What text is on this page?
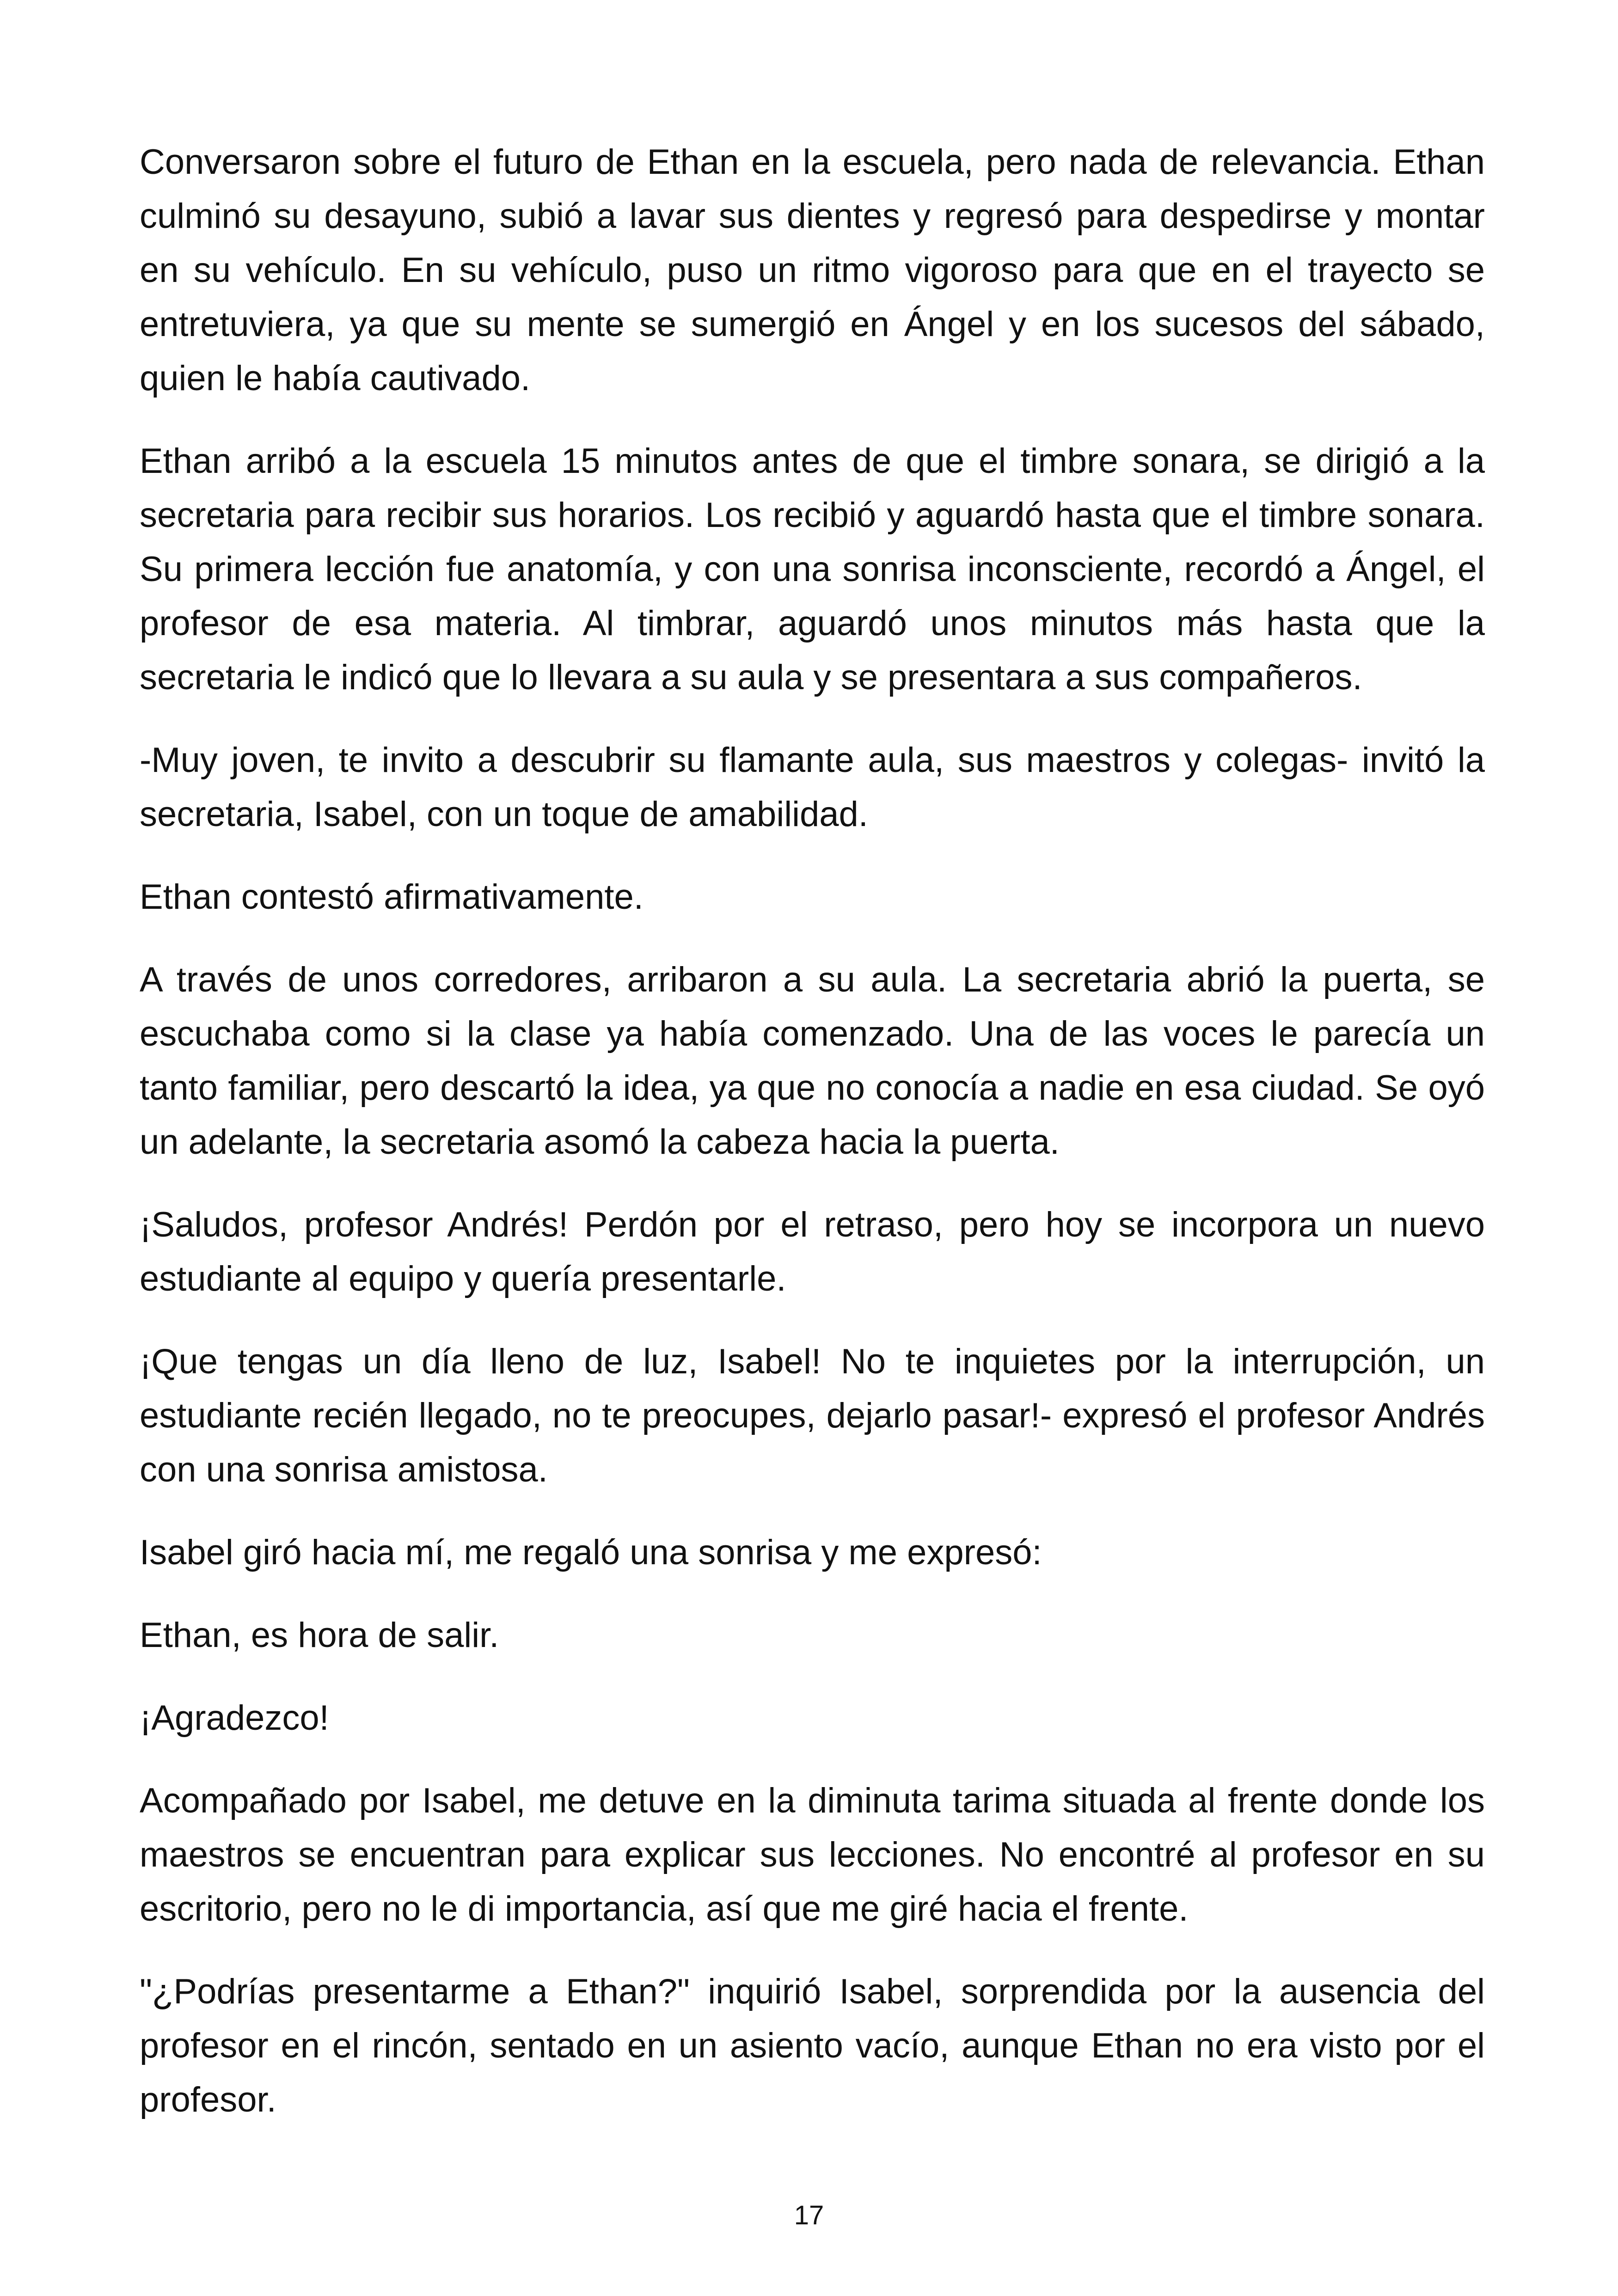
Conversaron sobre el futuro de Ethan en la escuela, pero nada de relevancia. Ethan culminó su desayuno, subió a lavar sus dientes y regresó para despedirse y montar en su vehículo. En su vehículo, puso un ritmo vigoroso para que en el trayecto se entretuviera, ya que su mente se sumergió en Ángel y en los sucesos del sábado, quien le había cautivado.

Ethan arribó a la escuela 15 minutos antes de que el timbre sonara, se dirigió a la secretaria para recibir sus horarios. Los recibió y aguardó hasta que el timbre sonara. Su primera lección fue anatomía, y con una sonrisa inconsciente, recordó a Ángel, el profesor de esa materia. Al timbrar, aguardó unos minutos más hasta que la secretaria le indicó que lo llevara a su aula y se presentara a sus compañeros.

-Muy joven, te invito a descubrir su flamante aula, sus maestros y colegas- invitó la secretaria, Isabel, con un toque de amabilidad.

Ethan contestó afirmativamente.

A través de unos corredores, arribaron a su aula. La secretaria abrió la puerta, se escuchaba como si la clase ya había comenzado. Una de las voces le parecía un tanto familiar, pero descartó la idea, ya que no conocía a nadie en esa ciudad. Se oyó un adelante, la secretaria asomó la cabeza hacia la puerta.

¡Saludos, profesor Andrés! Perdón por el retraso, pero hoy se incorpora un nuevo estudiante al equipo y quería presentarle.

¡Que tengas un día lleno de luz, Isabel! No te inquietes por la interrupción, un estudiante recién llegado, no te preocupes, dejarlo pasar!- expresó el profesor Andrés con una sonrisa amistosa.

Isabel giró hacia mí, me regaló una sonrisa y me expresó:

Ethan, es hora de salir.

¡Agradezco!

Acompañado por Isabel, me detuve en la diminuta tarima situada al frente donde los maestros se encuentran para explicar sus lecciones. No encontré al profesor en su escritorio, pero no le di importancia, así que me giré hacia el frente.

"¿Podrías presentarme a Ethan?" inquirió Isabel, sorprendida por la ausencia del profesor en el rincón, sentado en un asiento vacío, aunque Ethan no era visto por el profesor.

17
